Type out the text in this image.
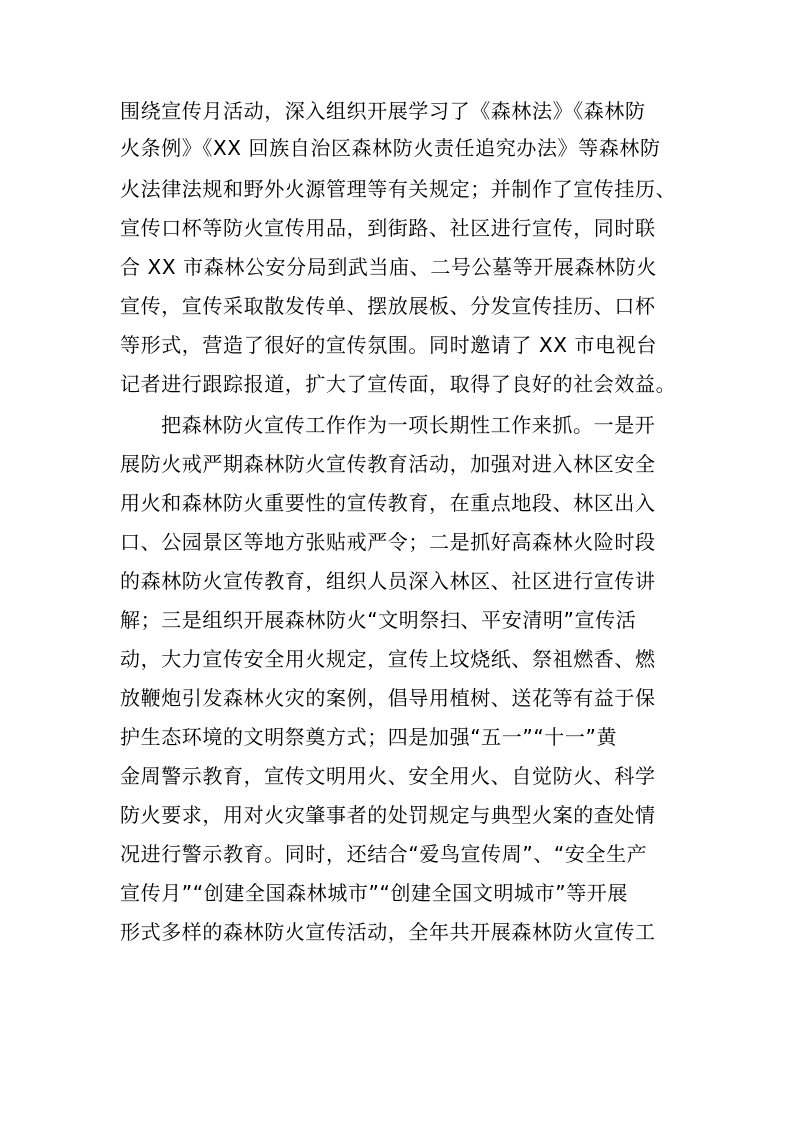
围绕宣传月活动，深入组织开展学习了《森林法》《森林防
火条例》《XX 回族自治区森林防火责任追究办法》等森林防
火法律法规和野外火源管理等有关规定；并制作了宣传挂历、
宣传口杯等防火宣传用品，到街路、社区进行宣传，同时联
合 XX 市森林公安分局到武当庙、二号公墓等开展森林防火
宣传，宣传采取散发传单、摆放展板、分发宣传挂历、口杯
等形式，营造了很好的宣传氛围。同时邀请了 XX 市电视台
记者进行跟踪报道，扩大了宣传面，取得了良好的社会效益。
把森林防火宣传工作作为一项长期性工作来抓。一是开
展防火戒严期森林防火宣传教育活动，加强对进入林区安全
用火和森林防火重要性的宣传教育，在重点地段、林区出入
口、公园景区等地方张贴戒严令；二是抓好高森林火险时段
的森林防火宣传教育，组织人员深入林区、社区进行宣传讲
解；三是组织开展森林防火“文明祭扫、平安清明”宣传活
动，大力宣传安全用火规定，宣传上坟烧纸、祭祖燃香、燃
放鞭炮引发森林火灾的案例，倡导用植树、送花等有益于保
护生态环境的文明祭奠方式；四是加强“五一”“十一”黄
金周警示教育，宣传文明用火、安全用火、自觉防火、科学
防火要求，用对火灾肇事者的处罚规定与典型火案的查处情
况进行警示教育。同时，还结合“爱鸟宣传周”、“安全生产
宣传月”“创建全国森林城市”“创建全国文明城市”等开展
形式多样的森林防火宣传活动，全年共开展森林防火宣传工
